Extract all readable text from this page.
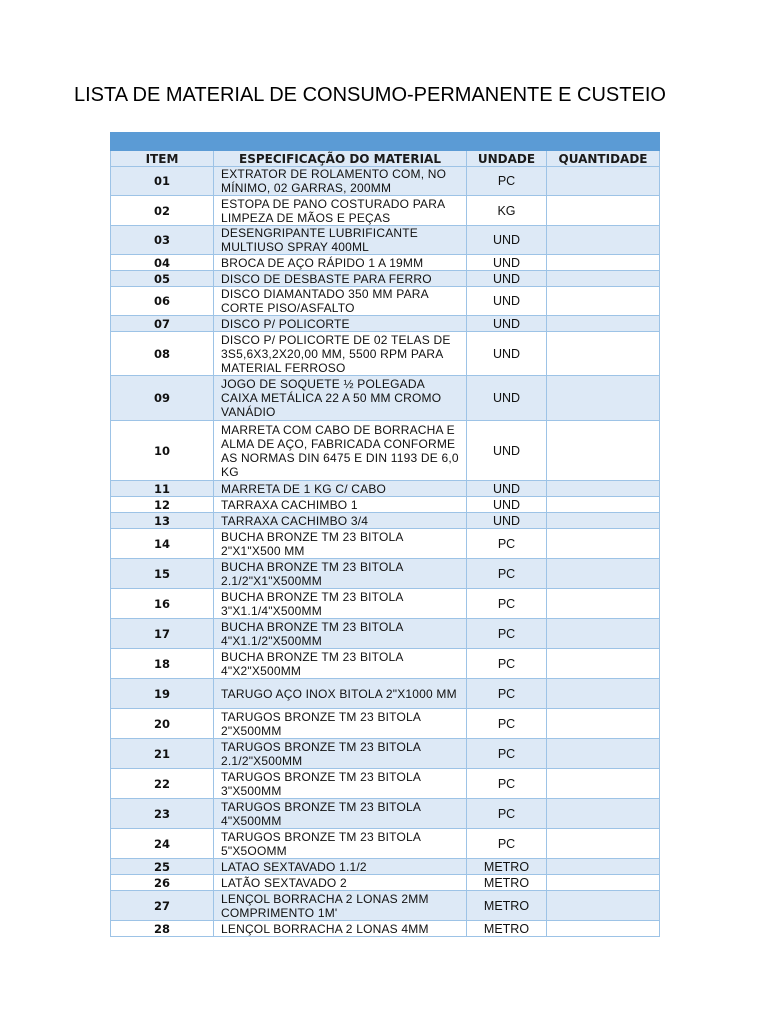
LISTA DE MATERIAL DE CONSUMO-PERMANENTE E CUSTEIO

ITEM	ESPECIFICAÇÃO DO MATERIAL	UNDADE	QUANTIDADE
01	EXTRATOR DE ROLAMENTO COM, NO MÍNIMO, 02 GARRAS, 200MM	PC	
02	ESTOPA DE PANO COSTURADO PARA LIMPEZA DE MÃOS E PEÇAS	KG	
03	DESENGRIPANTE LUBRIFICANTE MULTIUSO SPRAY 400ML	UND	
04	BROCA DE AÇO RÁPIDO 1 A 19MM	UND	
05	DISCO DE DESBASTE PARA FERRO	UND	
06	DISCO DIAMANTADO 350 MM PARA CORTE PISO/ASFALTO	UND	
07	DISCO P/ POLICORTE	UND	
08	DISCO P/ POLICORTE DE 02 TELAS DE 3S5,6X3,2X20,00 MM, 5500 RPM PARA MATERIAL FERROSO	UND	
09	JOGO DE SOQUETE ½ POLEGADA CAIXA METÁLICA 22 A 50 MM CROMO VANÁDIO	UND	
10	MARRETA COM CABO DE BORRACHA E ALMA DE AÇO, FABRICADA CONFORME AS NORMAS DIN 6475 E DIN 1193 DE 6,0 KG	UND	
11	MARRETA DE 1 KG C/ CABO	UND	
12	TARRAXA CACHIMBO 1	UND	
13	TARRAXA CACHIMBO 3/4	UND	
14	BUCHA BRONZE TM 23 BITOLA 2"X1"X500 MM	PC	
15	BUCHA BRONZE TM 23 BITOLA 2.1/2"X1"X500MM	PC	
16	BUCHA BRONZE TM 23 BITOLA 3"X1.1/4"X500MM	PC	
17	BUCHA BRONZE TM 23 BITOLA 4"X1.1/2"X500MM	PC	
18	BUCHA BRONZE TM 23 BITOLA 4"X2"X500MM	PC	
19	TARUGO AÇO INOX BITOLA 2"X1000 MM	PC	
20	TARUGOS BRONZE TM 23 BITOLA 2"X500MM	PC	
21	TARUGOS BRONZE TM 23 BITOLA 2.1/2"X500MM	PC	
22	TARUGOS BRONZE TM 23 BITOLA 3"X500MM	PC	
23	TARUGOS BRONZE TM 23 BITOLA 4"X500MM	PC	
24	TARUGOS BRONZE TM 23 BITOLA 5"X5OOMM	PC	
25	LATAO SEXTAVADO 1.1/2	METRO	
26	LATÃO SEXTAVADO 2	METRO	
27	LENÇOL BORRACHA 2 LONAS 2MM COMPRIMENTO 1M'	METRO	
28	LENÇOL BORRACHA 2 LONAS 4MM	METRO	
